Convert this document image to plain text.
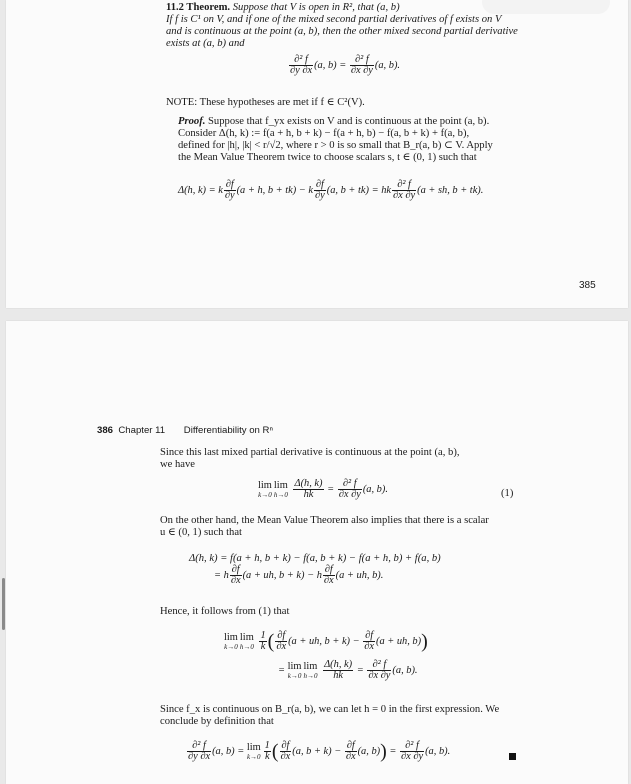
11.2 Theorem. Suppose that V is open in R², that (a, b)
If f is C¹ on V, and if one of the mixed second partial derivatives of f exists on V
and is continuous at the point (a, b), then the other mixed second partial derivative
exists at (a, b) and
$\frac{\text{∂² f}}{\partial y \partial x} (a$, $b) = \frac{\text{∂² f}}{\partial x \partial y} (a$, b).
NOTE: These hypotheses are met if f ∈ C²(V).
Proof. Suppose that f_yx exists on V and is continuous at the point (a, b).
Consider Δ(h, k) := f(a + h, b + k) − f(a + h, b) − f(a, b + k) + f(a, b),
defined for |h|, |k| < r/√2, where r > 0 is so small that B_r(a, b) ⊂ V. Apply
the Mean Value Theorem twice to choose scalars s, t ∈ (0, 1) such that
Δ(h, k) = k $\frac{\partial f}{\partial y} (a + h$, b + tk) − k $\frac{\partial f}{\partial y} (a$, b + tk) = hk $\frac{\text{∂² f}}{\partial x \partial y} (a$ + sh, b + tk).
385
386 Chapter 11 Differentiability on Rⁿ
Since this last mixed partial derivative is continuous at the point (a, b),
we have
lim
k→0
lim
h→0
$\frac{\Delta(h, k)}{hk} = \frac{\text{∂² f}}{\partial x \partial y} (a$, b).	(1)
On the other hand, the Mean Value Theorem also implies that there is a scalar
u ∈ (0, 1) such that
Δ(h, k) = f(a + h, b + k) − f(a, b + k) − f(a + h, b) + f(a, b)
= h $\frac{\partial f}{\partial x} (a$ + uh, b + k) − h $\frac{\partial f}{\partial x} (a$ + uh, b).
Hence, it follows from (1) that
lim
k→0
lim
h→0
$\frac{1}{k}$ ( $\frac{\partial f}{\partial x} (a$ + uh, $b + k) - \frac{\partial f}{\partial x} (a$ + uh, b))
= lim
k→0
lim
h→0
$\frac{\Delta(h, k)}{hk} = \frac{\text{∂² f}}{\partial x \partial y} (a$, b).
Since f_x is continuous on B_r(a, b), we can let h = 0 in the first expression. We
conclude by definition that
$\frac{\text{∂² f}}{\partial y \partial x} (a$, b) = lim
$k\to 0 \frac{1}{k}$ ( $\frac{\partial f}{\partial x} (a$, $b + k) - \frac{\partial f}{\partial x} (a$, $b)) = \frac{\text{∂² f}}{\partial x \partial y} (a$, b).
